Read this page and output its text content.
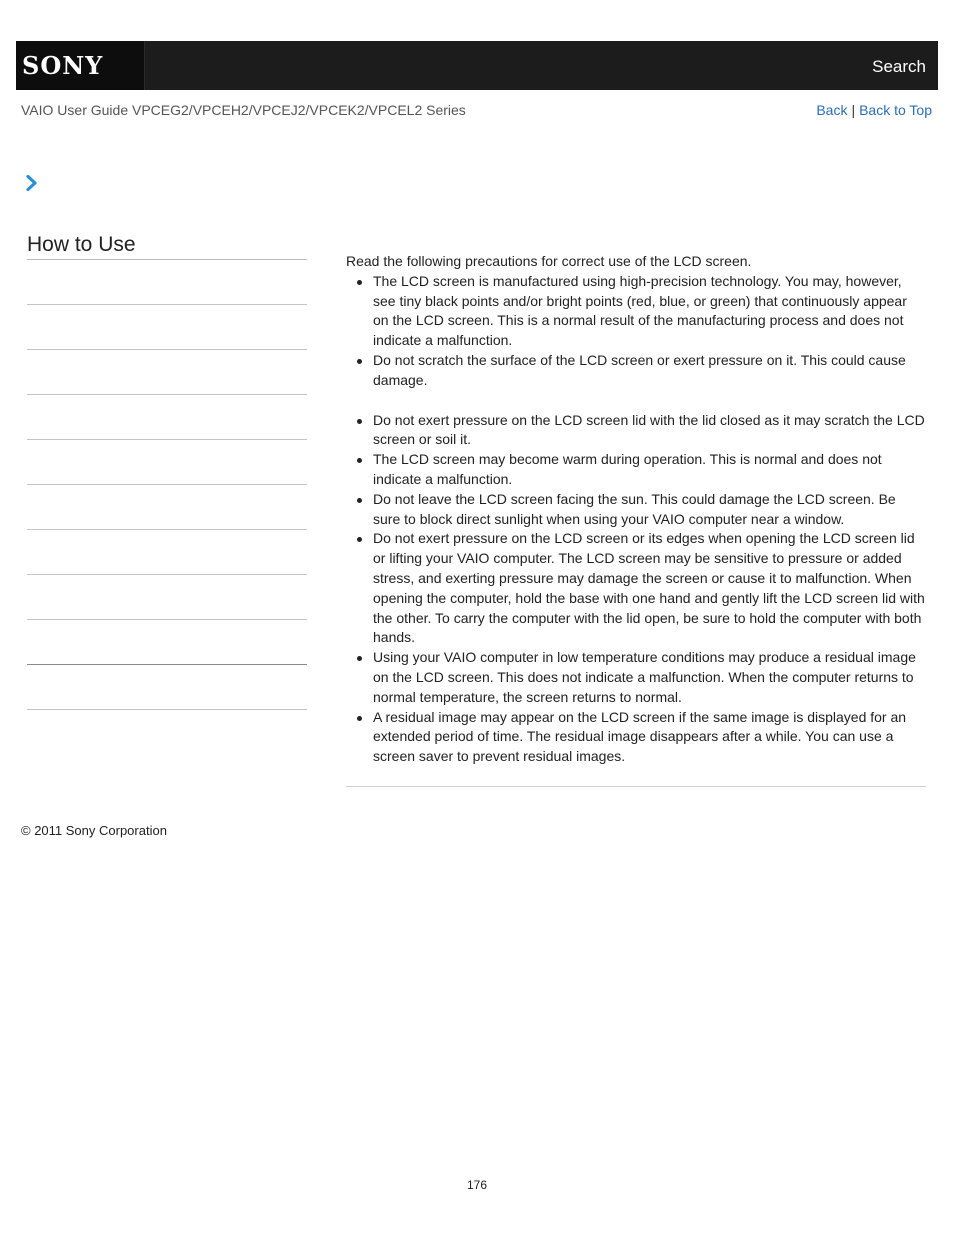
SONY	Search
VAIO User Guide VPCEG2/VPCEH2/VPCEJ2/VPCEK2/VPCEL2 Series	Back | Back to Top
How to Use

Read the following precautions for correct use of the LCD screen.

The LCD screen is manufactured using high-precision technology. You may, however, see tiny black points and/or bright points (red, blue, or green) that continuously appear on the LCD screen. This is a normal result of the manufacturing process and does not indicate a malfunction.
Do not scratch the surface of the LCD screen or exert pressure on it. This could cause damage.
Do not exert pressure on the LCD screen lid with the lid closed as it may scratch the LCD screen or soil it.
The LCD screen may become warm during operation. This is normal and does not indicate a malfunction.
Do not leave the LCD screen facing the sun. This could damage the LCD screen. Be sure to block direct sunlight when using your VAIO computer near a window.
Do not exert pressure on the LCD screen or its edges when opening the LCD screen lid or lifting your VAIO computer. The LCD screen may be sensitive to pressure or added stress, and exerting pressure may damage the screen or cause it to malfunction. When opening the computer, hold the base with one hand and gently lift the LCD screen lid with the other. To carry the computer with the lid open, be sure to hold the computer with both hands.
Using your VAIO computer in low temperature conditions may produce a residual image on the LCD screen. This does not indicate a malfunction. When the computer returns to normal temperature, the screen returns to normal.
A residual image may appear on the LCD screen if the same image is displayed for an extended period of time. The residual image disappears after a while. You can use a screen saver to prevent residual images.
© 2011 Sony Corporation
176
